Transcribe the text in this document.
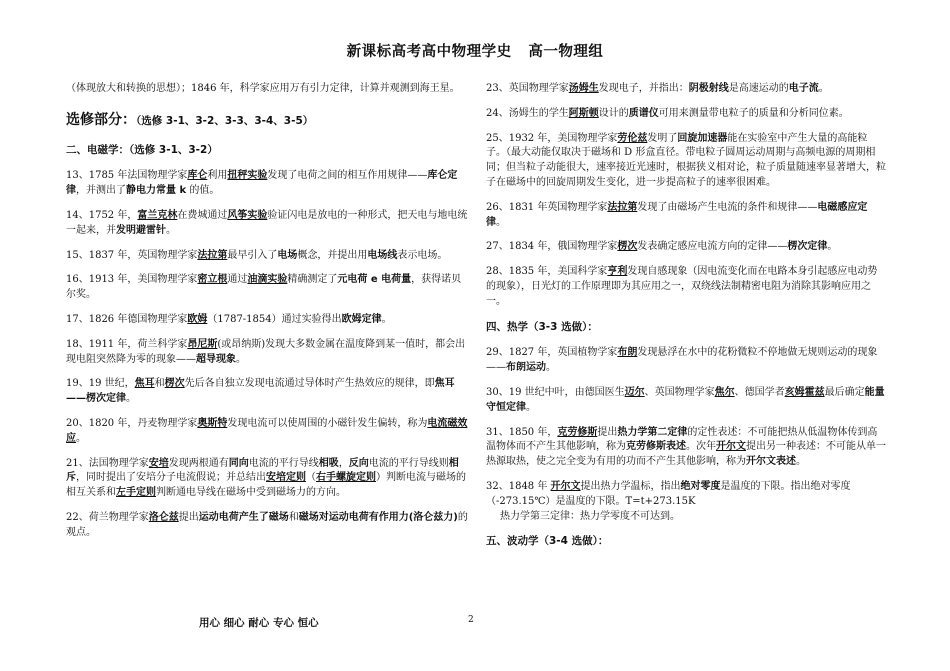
新课标高考高中物理学史   高一物理组

（体现放大和转换的思想）；1846 年，科学家应用万有引力定律，计算并观测到海王星。

选修部分：（选修 3-1、3-2、3-3、3-4、3-5）
二、电磁学：（选修 3-1、3-2）

13、1785 年法国物理学家库仑利用扭秤实验发现了电荷之间的相互作用规律——库仑定律，并测出了静电力常量 k 的值。

14、1752 年，富兰克林在费城通过风筝实验验证闪电是放电的一种形式，把天电与地电统一起来，并发明避雷针。

15、1837 年，英国物理学家法拉第最早引入了电场概念，并提出用电场线表示电场。

16、1913 年，美国物理学家密立根通过油滴实验精确测定了元电荷 e 电荷量，获得诺贝尔奖。

17、1826 年德国物理学家欧姆（1787-1854）通过实验得出欧姆定律。

18、1911 年，荷兰科学家昂尼斯(或昂纳斯)发现大多数金属在温度降到某一值时，都会出现电阻突然降为零的现象——超导现象。

19、19 世纪，焦耳和楞次先后各自独立发现电流通过导体时产生热效应的规律，即焦耳——楞次定律。

20、1820 年，丹麦物理学家奥斯特发现电流可以使周围的小磁针发生偏转，称为电流磁效应。

21、法国物理学家安培发现两根通有同向电流的平行导线相吸，反向电流的平行导线则相斥，同时提出了安培分子电流假说；并总结出安培定则（右手螺旋定则）判断电流与磁场的相互关系和左手定则判断通电导线在磁场中受到磁场力的方向。

22、荷兰物理学家洛仑兹提出运动电荷产生了磁场和磁场对运动电荷有作用力(洛仑兹力)的观点。

23、英国物理学家汤姆生发现电子，并指出：阴极射线是高速运动的电子流。

24、汤姆生的学生阿斯顿设计的质谱仪可用来测量带电粒子的质量和分析同位素。

25、1932 年，美国物理学家劳伦兹发明了回旋加速器能在实验室中产生大量的高能粒子。（最大动能仅取决于磁场和 D 形盒直径。带电粒子圆周运动周期与高频电源的周期相同；但当粒子动能很大，速率接近光速时，根据狭义相对论，粒子质量随速率显著增大，粒子在磁场中的回旋周期发生变化，进一步提高粒子的速率很困难。

26、1831 年英国物理学家法拉第发现了由磁场产生电流的条件和规律——电磁感应定律。

27、1834 年，俄国物理学家楞次发表确定感应电流方向的定律——楞次定律。

28、1835 年，美国科学家亨利发现自感现象（因电流变化而在电路本身引起感应电动势的现象），日光灯的工作原理即为其应用之一，双绕线法制精密电阻为消除其影响应用之一。

四、热学（3-3 选做）：

29、1827 年，英国植物学家布朗发现悬浮在水中的花粉微粒不停地做无规则运动的现象——布朗运动。

30、19 世纪中叶，由德国医生迈尔、英国物理学家焦尔、德国学者亥姆霍兹最后确定能量守恒定律。

31、1850 年，克劳修斯提出热力学第二定律的定性表述：不可能把热从低温物体传到高温物体而不产生其他影响，称为克劳修斯表述。次年开尔文提出另一种表述：不可能从单一热源取热，使之完全变为有用的功而不产生其他影响，称为开尔文表述。

32、1848 年 开尔文提出热力学温标，指出绝对零度是温度的下限。指出绝对零度（-273.15℃）是温度的下限。T=t+273.15K

热力学第三定律：热力学零度不可达到。

五、波动学（3-4 选做）：
用心 细心 耐心 专心 恒心	2
